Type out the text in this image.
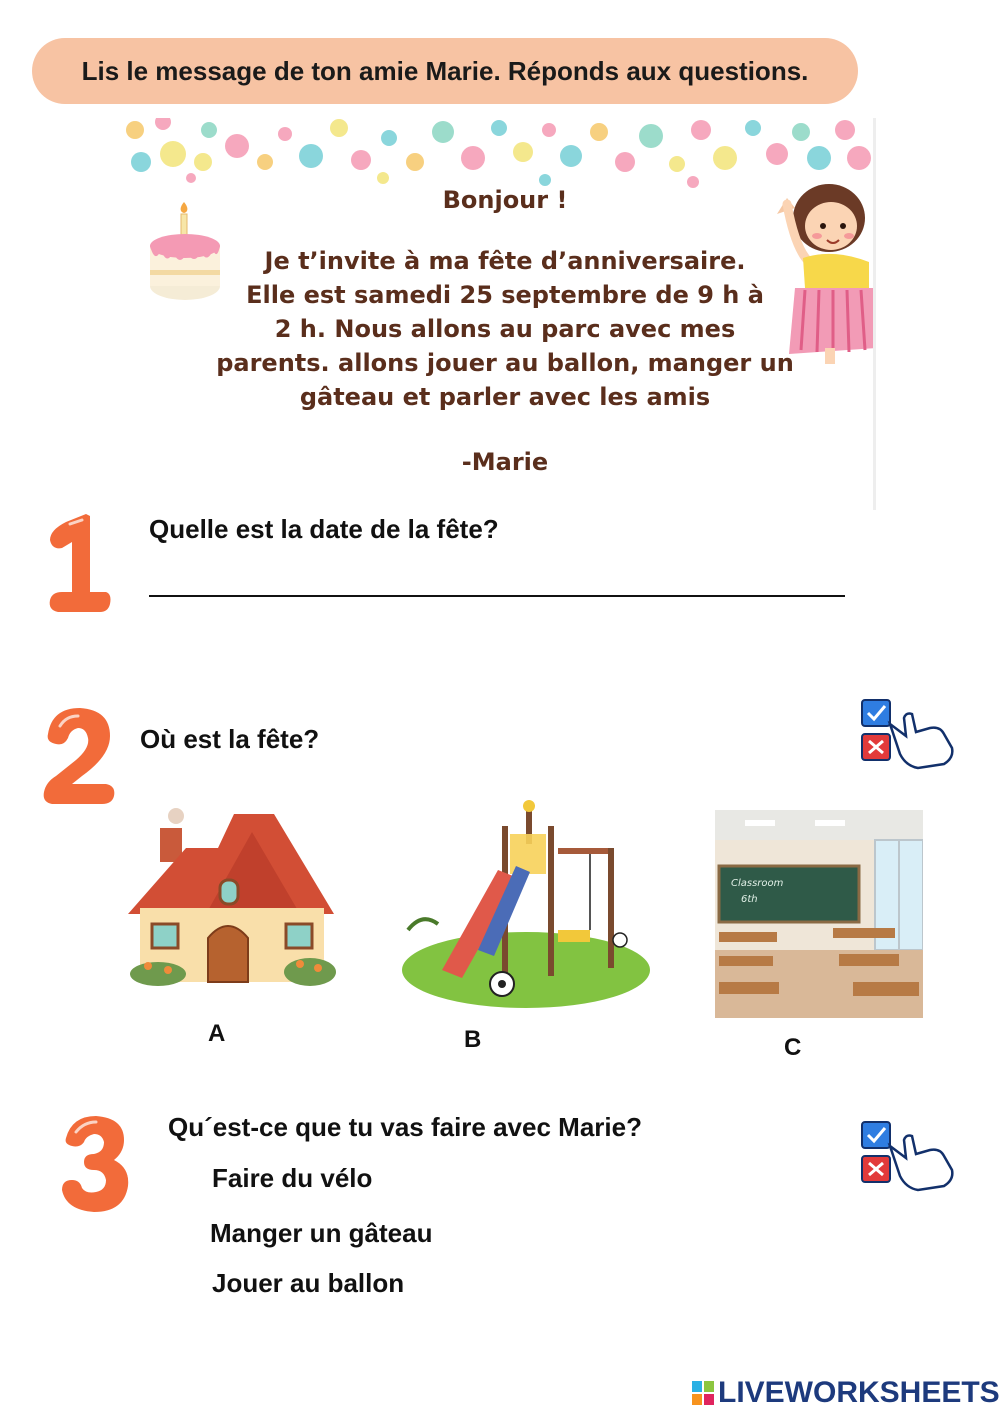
Lis le message de ton amie Marie. Réponds aux questions.
Bonjour !
Je t’invite à ma fête d’anniversaire.
Elle est samedi 25 septembre de 9 h à
2 h. Nous allons au parc avec mes
parents. allons jouer au ballon, manger un
gâteau et parler avec les amis
-Marie
Quelle est la date de la fête?
Où est la fête?
A	B
Classroom
6th
C
Qu´est-ce que tu vas faire avec Marie?
Faire du vélo
Manger un gâteau
Jouer au ballon
LIVEWORKSHEETS
